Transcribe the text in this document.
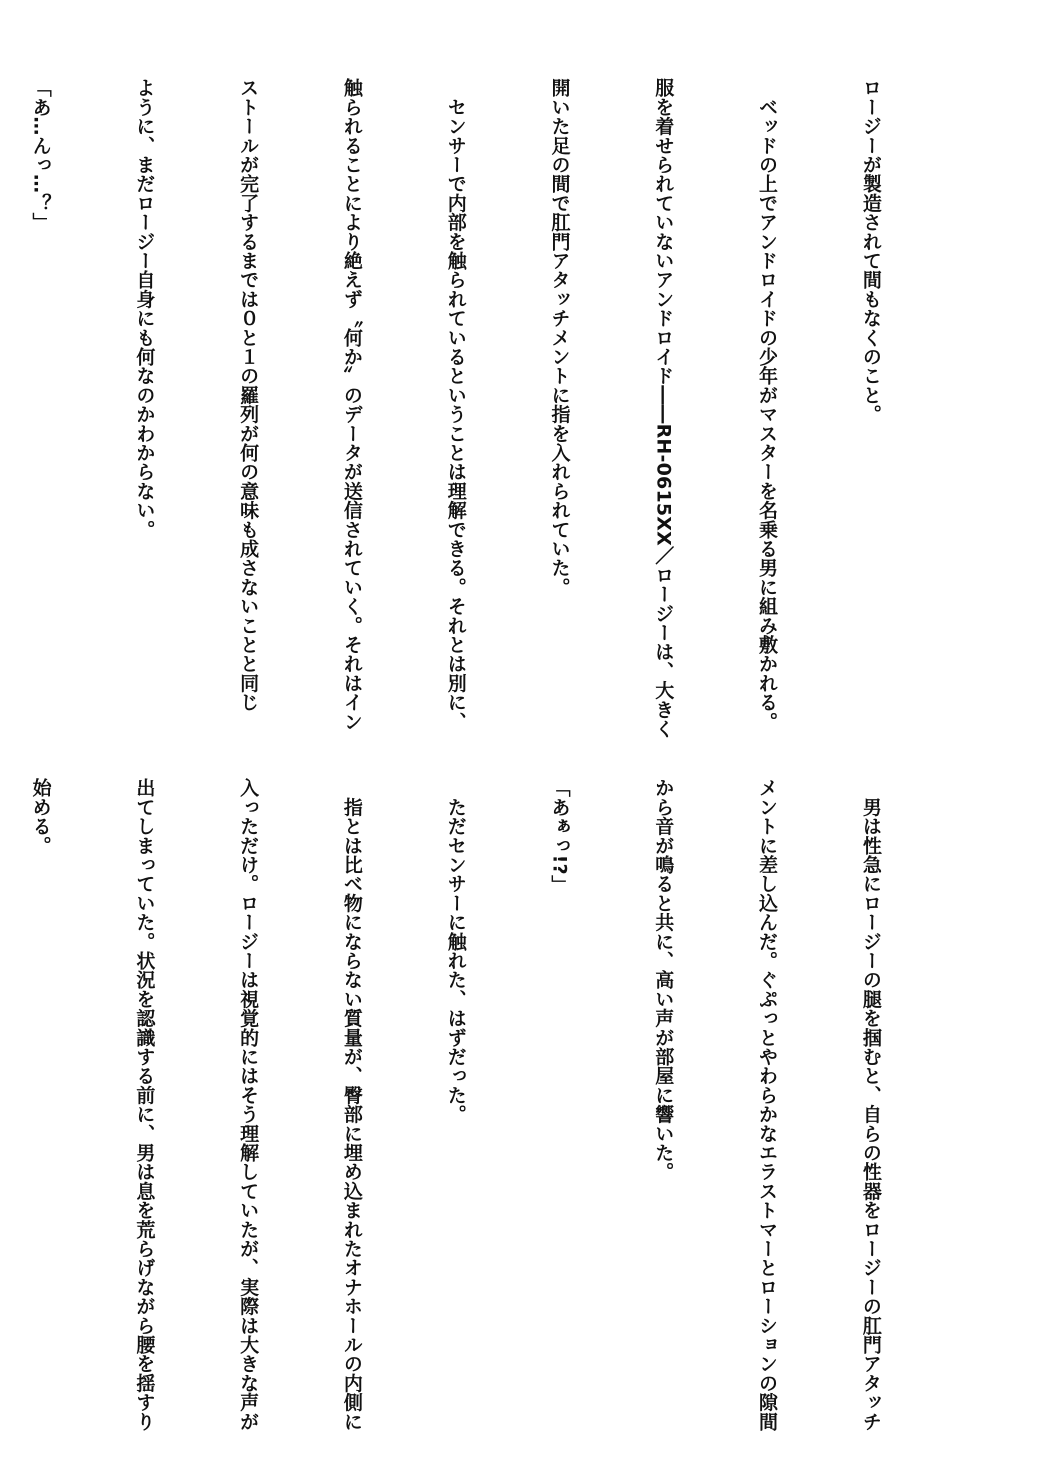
ロージーが製造されて間もなくのこと。

　ベッドの上でアンドロイドの少年がマスターを名乗る男に組み敷かれる。

服を着せられていないアンドロイド――RH-0615XX／ロージーは、大きく

開いた足の間で肛門アタッチメントに指を入れられていた。

　センサーで内部を触られているということは理解できる。それとは別に、

触られることにより絶えず〝何か〟のデータが送信されていく。それはイン

ストールが完了するまでは０と１の羅列が何の意味も成さないことと同じ

ように、まだロージー自身にも何なのかわからない。

「あ…んっ…？」

　男は性急にロージーの腿を掴むと、自らの性器をロージーの肛門アタッチ

メントに差し込んだ。ぐぷっとやわらかなエラストマーとローションの隙間

から音が鳴ると共に、高い声が部屋に響いた。

「あぁっ!?」

　ただセンサーに触れた、はずだった。

　指とは比べ物にならない質量が、臀部に埋め込まれたオナホールの内側に

入っただけ。ロージーは視覚的にはそう理解していたが、実際は大きな声が

出てしまっていた。状況を認識する前に、男は息を荒らげながら腰を揺すり

始める。
